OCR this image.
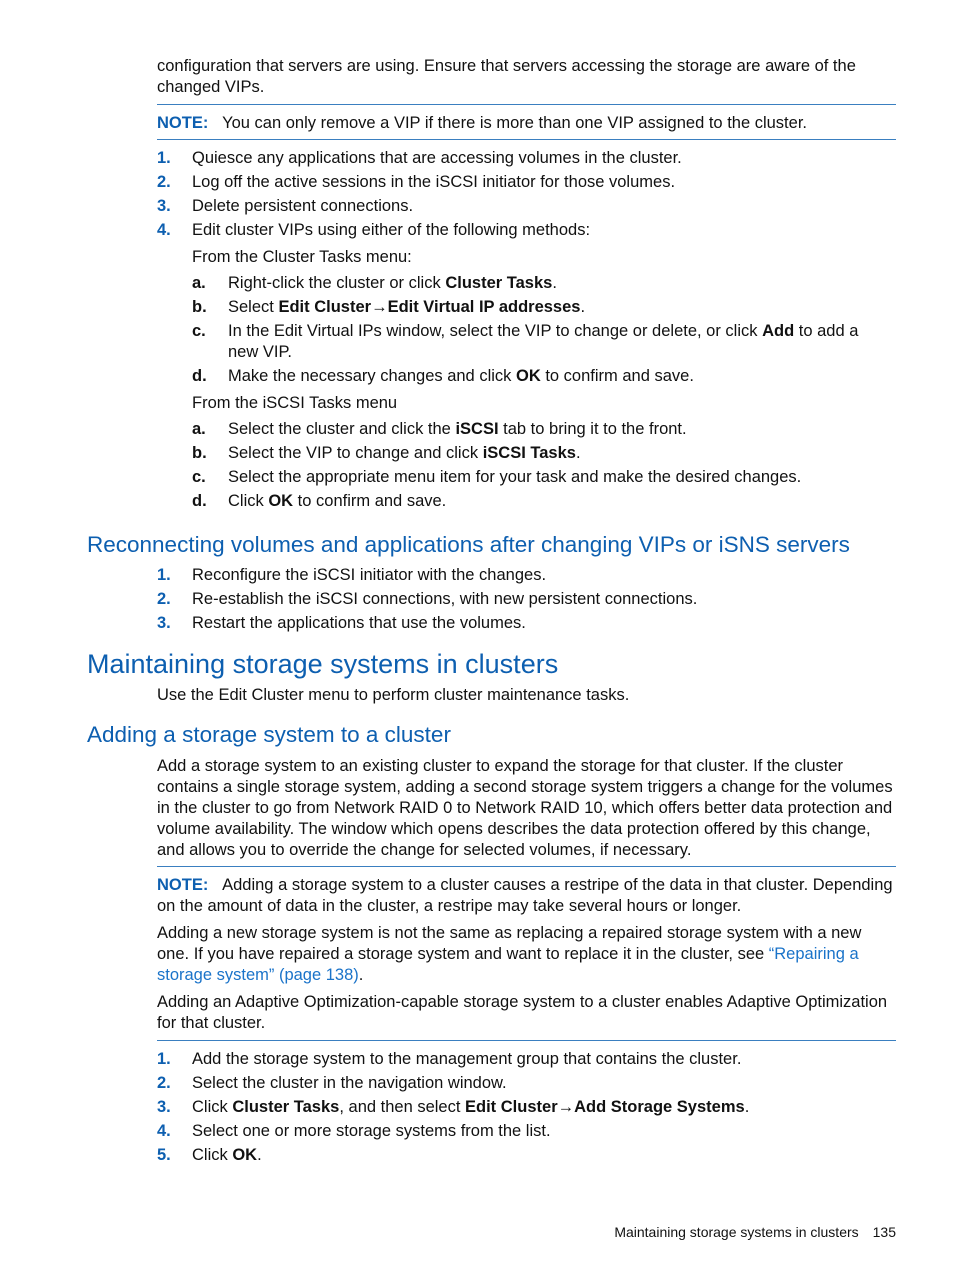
configuration that servers are using. Ensure that servers accessing the storage are aware of the changed VIPs.
NOTE: You can only remove a VIP if there is more than one VIP assigned to the cluster.
1.	Quiesce any applications that are accessing volumes in the cluster.
2.	Log off the active sessions in the iSCSI initiator for those volumes.
3.	Delete persistent connections.
4.	Edit cluster VIPs using either of the following methods:
From the Cluster Tasks menu:
a.	Right-click the cluster or click Cluster Tasks.
b.	Select Edit Cluster→Edit Virtual IP addresses.
c.	In the Edit Virtual IPs window, select the VIP to change or delete, or click Add to add a new VIP.
d.	Make the necessary changes and click OK to confirm and save.
From the iSCSI Tasks menu
a.	Select the cluster and click the iSCSI tab to bring it to the front.
b.	Select the VIP to change and click iSCSI Tasks.
c.	Select the appropriate menu item for your task and make the desired changes.
d.	Click OK to confirm and save.
Reconnecting volumes and applications after changing VIPs or iSNS servers
1.	Reconfigure the iSCSI initiator with the changes.
2.	Re-establish the iSCSI connections, with new persistent connections.
3.	Restart the applications that use the volumes.
Maintaining storage systems in clusters
Use the Edit Cluster menu to perform cluster maintenance tasks.
Adding a storage system to a cluster
Add a storage system to an existing cluster to expand the storage for that cluster. If the cluster contains a single storage system, adding a second storage system triggers a change for the volumes in the cluster to go from Network RAID 0 to Network RAID 10, which offers better data protection and volume availability. The window which opens describes the data protection offered by this change, and allows you to override the change for selected volumes, if necessary.
NOTE: Adding a storage system to a cluster causes a restripe of the data in that cluster. Depending on the amount of data in the cluster, a restripe may take several hours or longer.
Adding a new storage system is not the same as replacing a repaired storage system with a new one. If you have repaired a storage system and want to replace it in the cluster, see “Repairing a storage system” (page 138).
Adding an Adaptive Optimization-capable storage system to a cluster enables Adaptive Optimization for that cluster.
1.	Add the storage system to the management group that contains the cluster.
2.	Select the cluster in the navigation window.
3.	Click Cluster Tasks, and then select Edit Cluster→Add Storage Systems.
4.	Select one or more storage systems from the list.
5.	Click OK.
Maintaining storage systems in clusters 135
